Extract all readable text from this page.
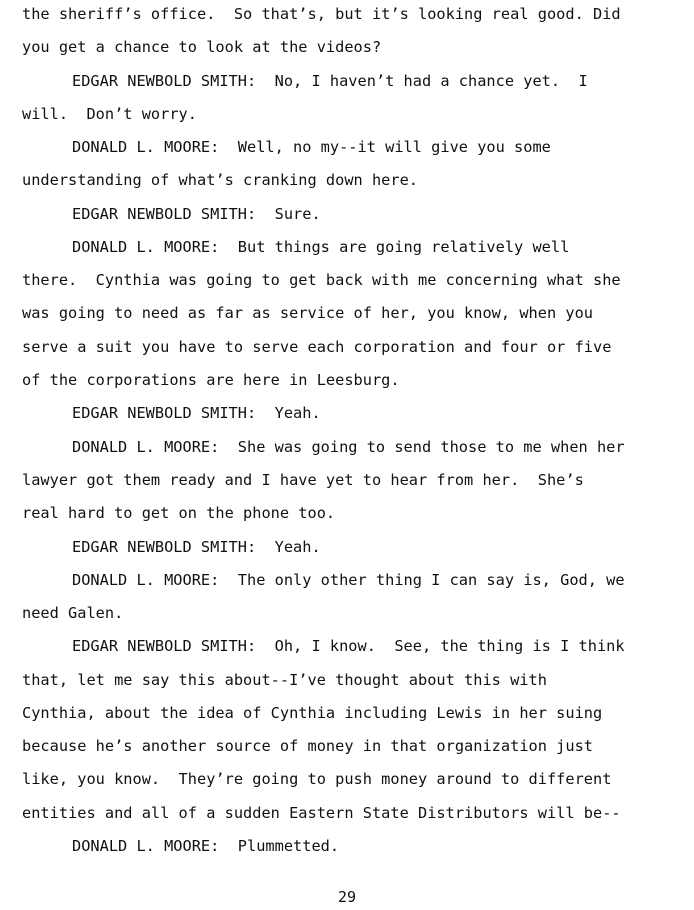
the sheriff’s office.  So that’s, but it’s looking real good. Did
you get a chance to look at the videos?
EDGAR NEWBOLD SMITH:  No, I haven’t had a chance yet.  I
will.  Don’t worry.
DONALD L. MOORE:  Well, no my--it will give you some
understanding of what’s cranking down here.
EDGAR NEWBOLD SMITH:  Sure.
DONALD L. MOORE:  But things are going relatively well
there.  Cynthia was going to get back with me concerning what she
was going to need as far as service of her, you know, when you
serve a suit you have to serve each corporation and four or five
of the corporations are here in Leesburg.
EDGAR NEWBOLD SMITH:  Yeah.
DONALD L. MOORE:  She was going to send those to me when her
lawyer got them ready and I have yet to hear from her.  She’s
real hard to get on the phone too.
EDGAR NEWBOLD SMITH:  Yeah.
DONALD L. MOORE:  The only other thing I can say is, God, we
need Galen.
EDGAR NEWBOLD SMITH:  Oh, I know.  See, the thing is I think
that, let me say this about--I’ve thought about this with
Cynthia, about the idea of Cynthia including Lewis in her suing
because he’s another source of money in that organization just
like, you know.  They’re going to push money around to different
entities and all of a sudden Eastern State Distributors will be--
DONALD L. MOORE:  Plummetted.
29
